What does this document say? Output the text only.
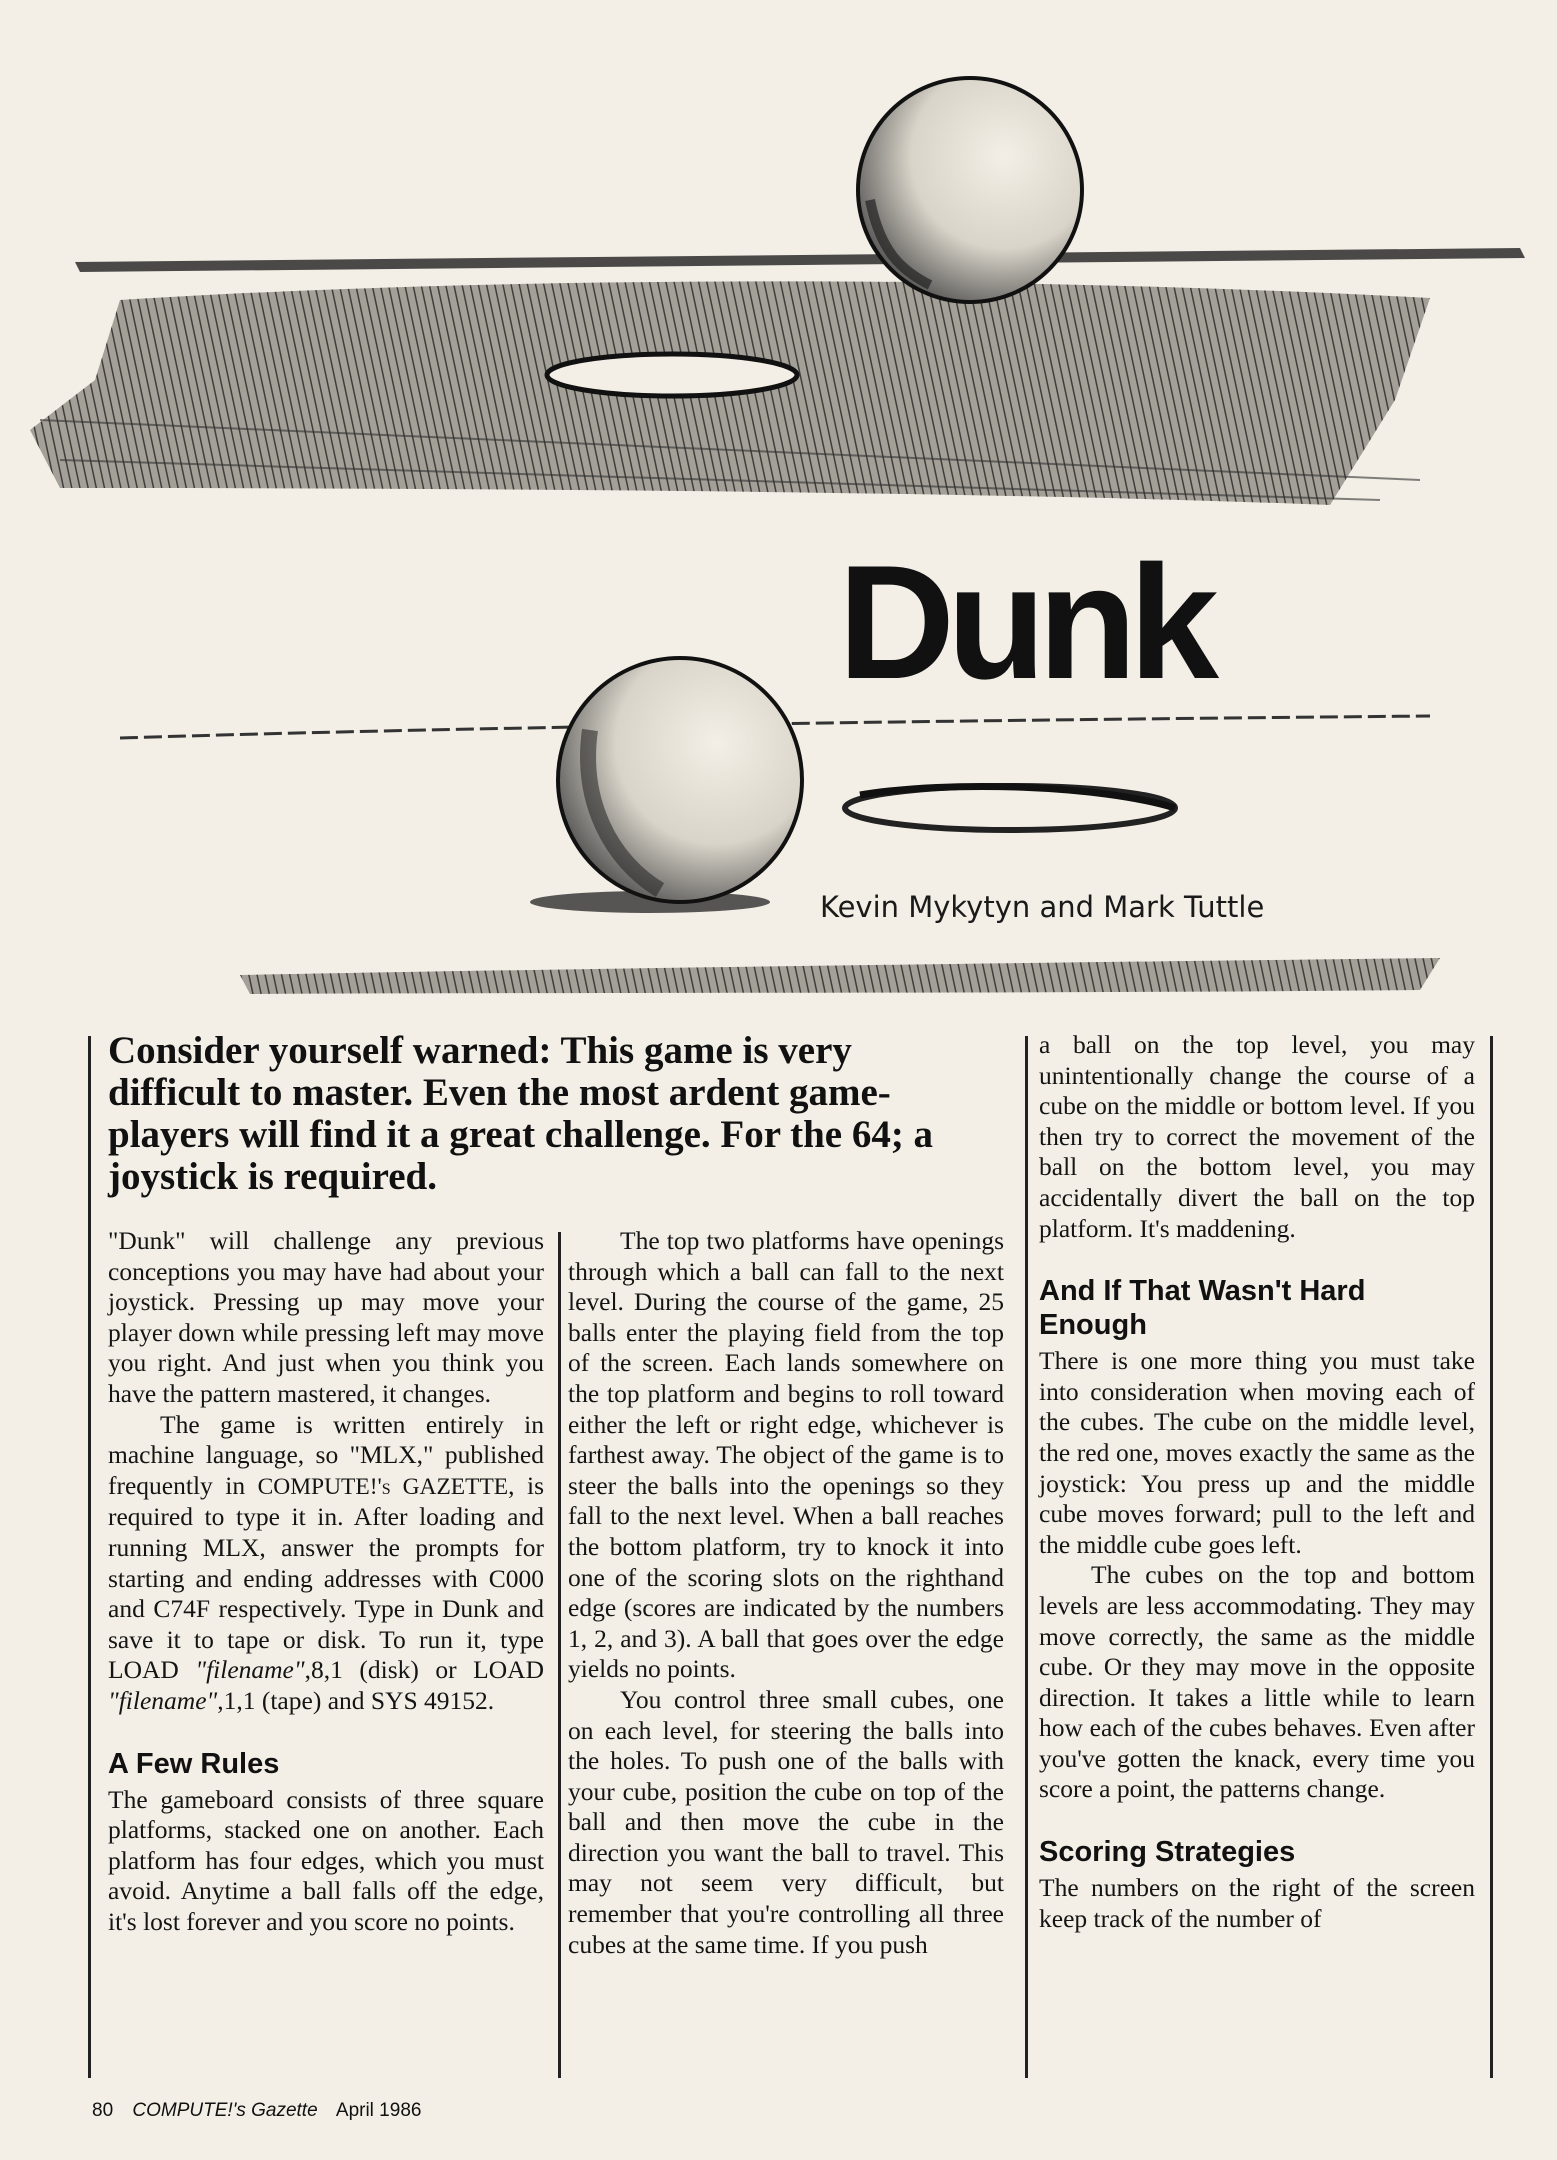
Dunk
Kevin Mykytyn and Mark Tuttle
Consider yourself warned: This game is very difficult to master. Even the most ardent game-players will find it a great challenge. For the 64; a joystick is required.

"Dunk" will challenge any previous conceptions you may have had about your joystick. Pressing up may move your player down while pressing left may move you right. And just when you think you have the pattern mastered, it changes.

The game is written entirely in machine language, so "MLX," published frequently in COMPUTE!'s GAZETTE, is required to type it in. After loading and running MLX, answer the prompts for starting and ending addresses with C000 and C74F respectively. Type in Dunk and save it to tape or disk. To run it, type LOAD "filename",8,1 (disk) or LOAD "filename",1,1 (tape) and SYS 49152.

A Few Rules

The gameboard consists of three square platforms, stacked one on another. Each platform has four edges, which you must avoid. Anytime a ball falls off the edge, it's lost forever and you score no points.

The top two platforms have openings through which a ball can fall to the next level. During the course of the game, 25 balls enter the playing field from the top of the screen. Each lands somewhere on the top platform and begins to roll toward either the left or right edge, whichever is farthest away. The object of the game is to steer the balls into the openings so they fall to the next level. When a ball reaches the bottom platform, try to knock it into one of the scoring slots on the righthand edge (scores are indicated by the numbers 1, 2, and 3). A ball that goes over the edge yields no points.

You control three small cubes, one on each level, for steering the balls into the holes. To push one of the balls with your cube, position the cube on top of the ball and then move the cube in the direction you want the ball to travel. This may not seem very difficult, but remember that you're controlling all three cubes at the same time. If you push

a ball on the top level, you may unintentionally change the course of a cube on the middle or bottom level. If you then try to correct the movement of the ball on the bottom level, you may accidentally divert the ball on the top platform. It's maddening.

And If That Wasn't Hard Enough

There is one more thing you must take into consideration when moving each of the cubes. The cube on the middle level, the red one, moves exactly the same as the joystick: You press up and the middle cube moves forward; pull to the left and the middle cube goes left.

The cubes on the top and bottom levels are less accommodating. They may move correctly, the same as the middle cube. Or they may move in the opposite direction. It takes a little while to learn how each of the cubes behaves. Even after you've gotten the knack, every time you score a point, the patterns change.

Scoring Strategies

The numbers on the right of the screen keep track of the number of

80 COMPUTE!'s Gazette April 1986
